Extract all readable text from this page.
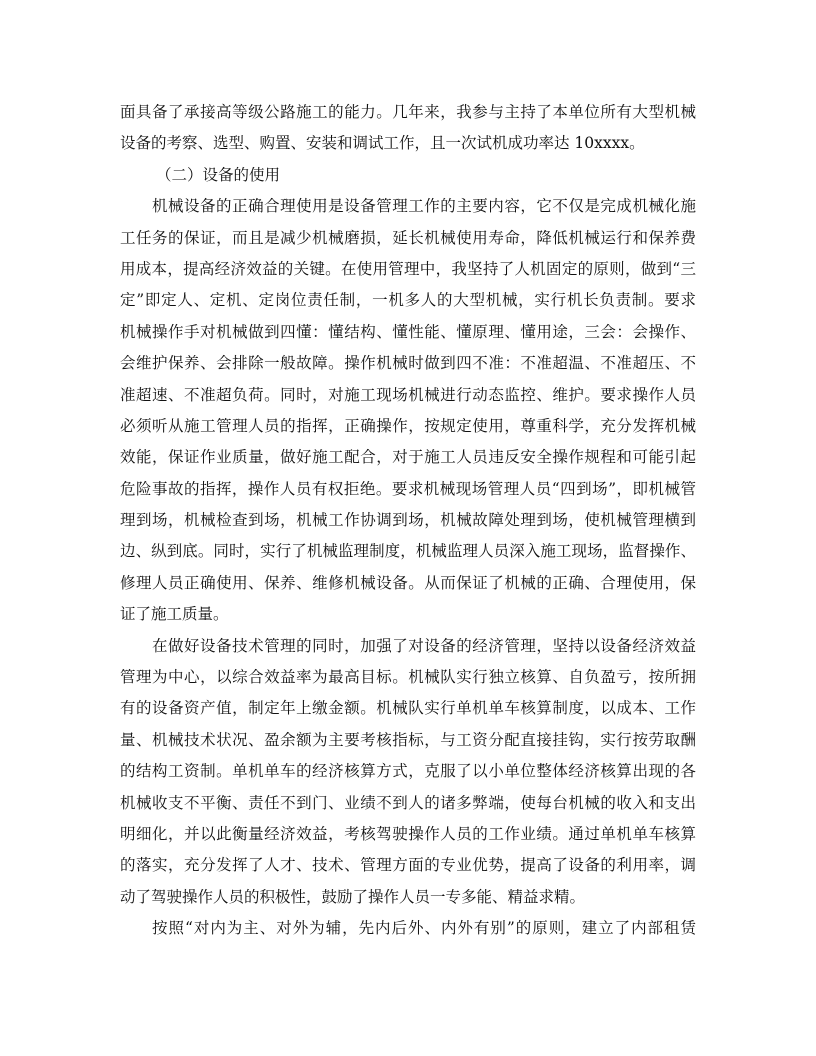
面具备了承接高等级公路施工的能力。几年来，我参与主持了本单位所有大型机械
设备的考察、选型、购置、安装和调试工作，且一次试机成功率达 10xxxx。
（二）设备的使用
机械设备的正确合理使用是设备管理工作的主要内容，它不仅是完成机械化施
工任务的保证，而且是减少机械磨损，延长机械使用寿命，降低机械运行和保养费
用成本，提高经济效益的关键。在使用管理中，我坚持了人机固定的原则，做到“三
定”即定人、定机、定岗位责任制，一机多人的大型机械，实行机长负责制。要求
机械操作手对机械做到四懂：懂结构、懂性能、懂原理、懂用途，三会：会操作、
会维护保养、会排除一般故障。操作机械时做到四不准：不准超温、不准超压、不
准超速、不准超负荷。同时，对施工现场机械进行动态监控、维护。要求操作人员
必须听从施工管理人员的指挥，正确操作，按规定使用，尊重科学，充分发挥机械
效能，保证作业质量，做好施工配合，对于施工人员违反安全操作规程和可能引起
危险事故的指挥，操作人员有权拒绝。要求机械现场管理人员“四到场”，即机械管
理到场，机械检查到场，机械工作协调到场，机械故障处理到场，使机械管理横到
边、纵到底。同时，实行了机械监理制度，机械监理人员深入施工现场，监督操作、
修理人员正确使用、保养、维修机械设备。从而保证了机械的正确、合理使用，保
证了施工质量。
在做好设备技术管理的同时，加强了对设备的经济管理，坚持以设备经济效益
管理为中心，以综合效益率为最高目标。机械队实行独立核算、自负盈亏，按所拥
有的设备资产值，制定年上缴金额。机械队实行单机单车核算制度，以成本、工作
量、机械技术状况、盈余额为主要考核指标，与工资分配直接挂钩，实行按劳取酬
的结构工资制。单机单车的经济核算方式，克服了以小单位整体经济核算出现的各
机械收支不平衡、责任不到门、业绩不到人的诸多弊端，使每台机械的收入和支出
明细化，并以此衡量经济效益，考核驾驶操作人员的工作业绩。通过单机单车核算
的落实，充分发挥了人才、技术、管理方面的专业优势，提高了设备的利用率，调
动了驾驶操作人员的积极性，鼓励了操作人员一专多能、精益求精。
按照“对内为主、对外为辅，先内后外、内外有别”的原则，建立了内部租赁
